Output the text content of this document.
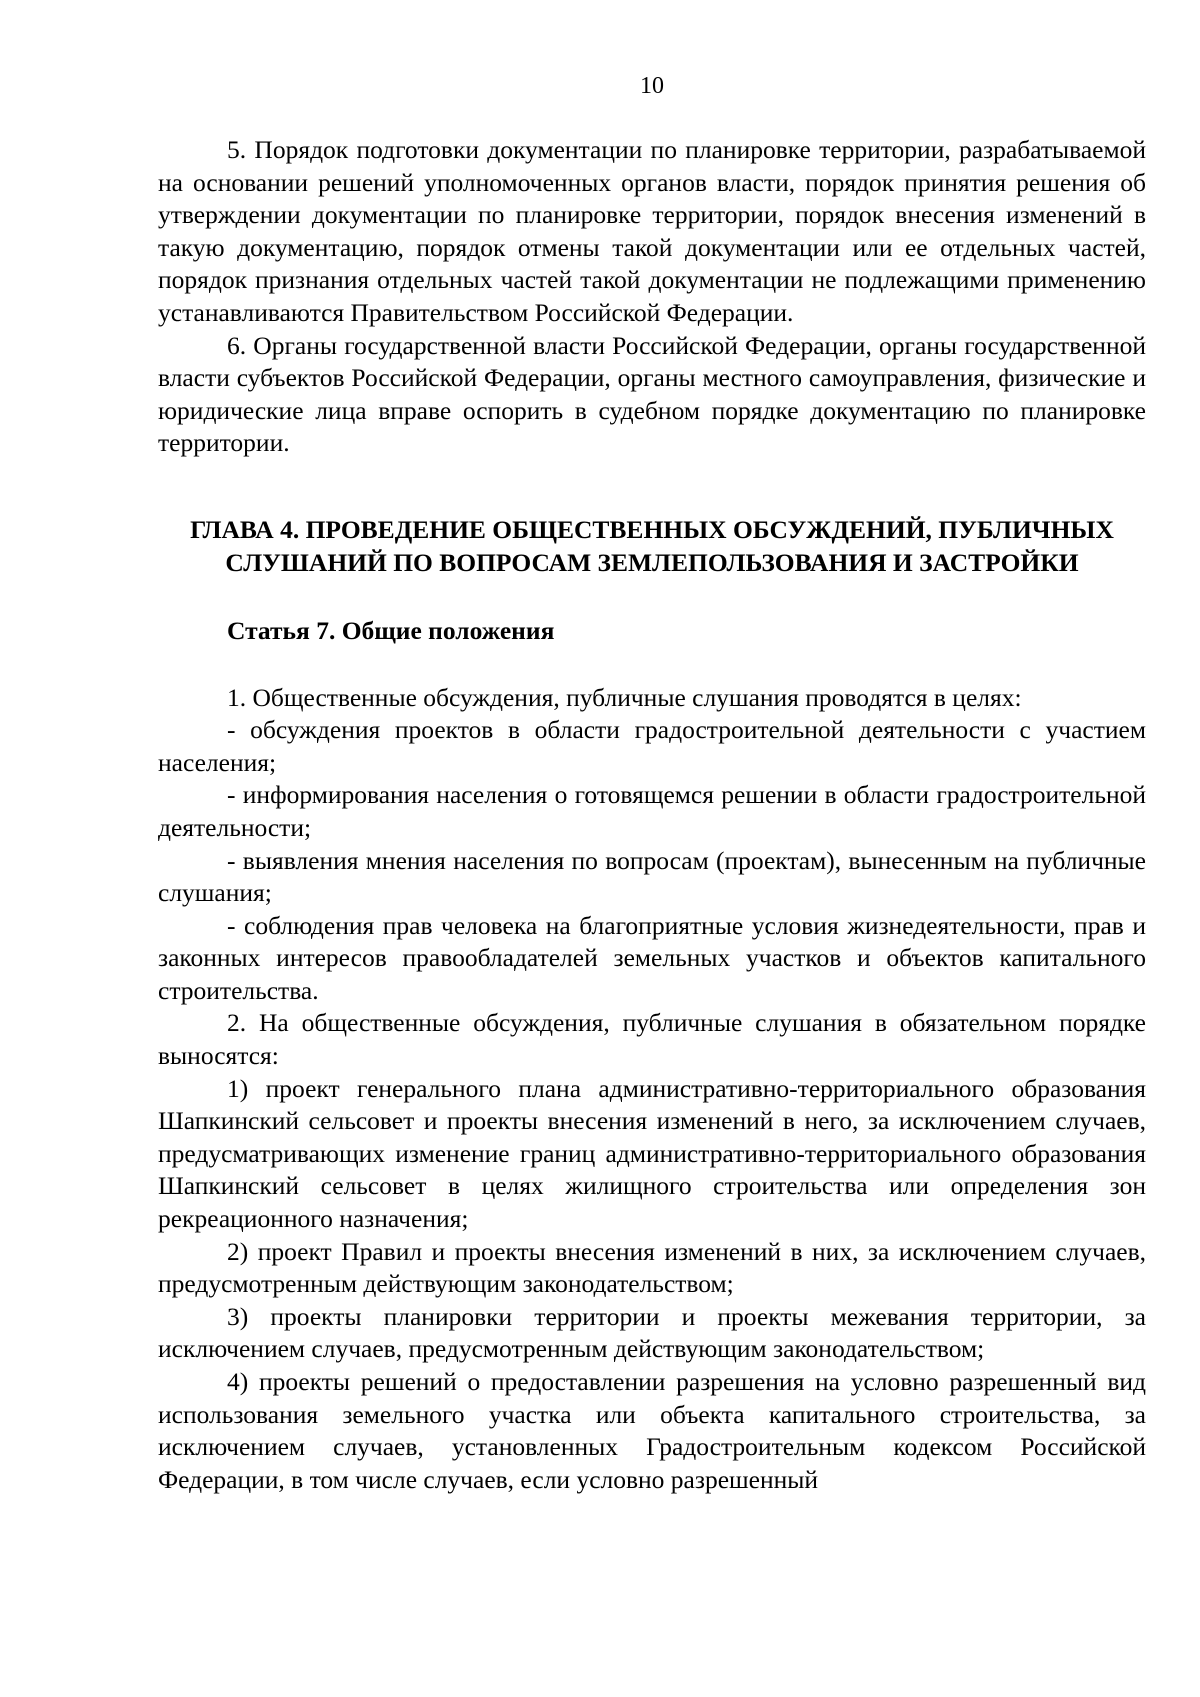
10

5. Порядок подготовки документации по планировке территории, разрабатываемой на основании решений уполномоченных органов власти, порядок принятия решения об утверждении документации по планировке территории, порядок внесения изменений в такую документацию, порядок отмены такой документации или ее отдельных частей, порядок признания отдельных частей такой документации не подлежащими применению устанавливаются Правительством Российской Федерации.

6. Органы государственной власти Российской Федерации, органы государственной власти субъектов Российской Федерации, органы местного самоуправления, физические и юридические лица вправе оспорить в судебном порядке документацию по планировке территории.

ГЛАВА 4. ПРОВЕДЕНИЕ ОБЩЕСТВЕННЫХ ОБСУЖДЕНИЙ, ПУБЛИЧНЫХ СЛУШАНИЙ ПО ВОПРОСАМ ЗЕМЛЕПОЛЬЗОВАНИЯ И ЗАСТРОЙКИ

Статья 7. Общие положения

1. Общественные обсуждения, публичные слушания проводятся в целях:

- обсуждения проектов в области градостроительной деятельности с участием населения;

- информирования населения о готовящемся решении в области градостроительной деятельности;

- выявления мнения населения по вопросам (проектам), вынесенным на публичные слушания;

- соблюдения прав человека на благоприятные условия жизнедеятельности, прав и законных интересов правообладателей земельных участков и объектов капитального строительства.

2. На общественные обсуждения, публичные слушания в обязательном порядке выносятся:

1) проект генерального плана административно-территориального образования Шапкинский сельсовет и проекты внесения изменений в него, за исключением случаев, предусматривающих изменение границ административно-территориального образования Шапкинский сельсовет в целях жилищного строительства или определения зон рекреационного назначения;

2) проект Правил и проекты внесения изменений в них, за исключением случаев, предусмотренным действующим законодательством;

3) проекты планировки территории и проекты межевания территории, за исключением случаев, предусмотренным действующим законодательством;

4) проекты решений о предоставлении разрешения на условно разрешенный вид использования земельного участка или объекта капитального строительства, за исключением случаев, установленных Градостроительным кодексом Российской Федерации, в том числе случаев, если условно разрешенный
